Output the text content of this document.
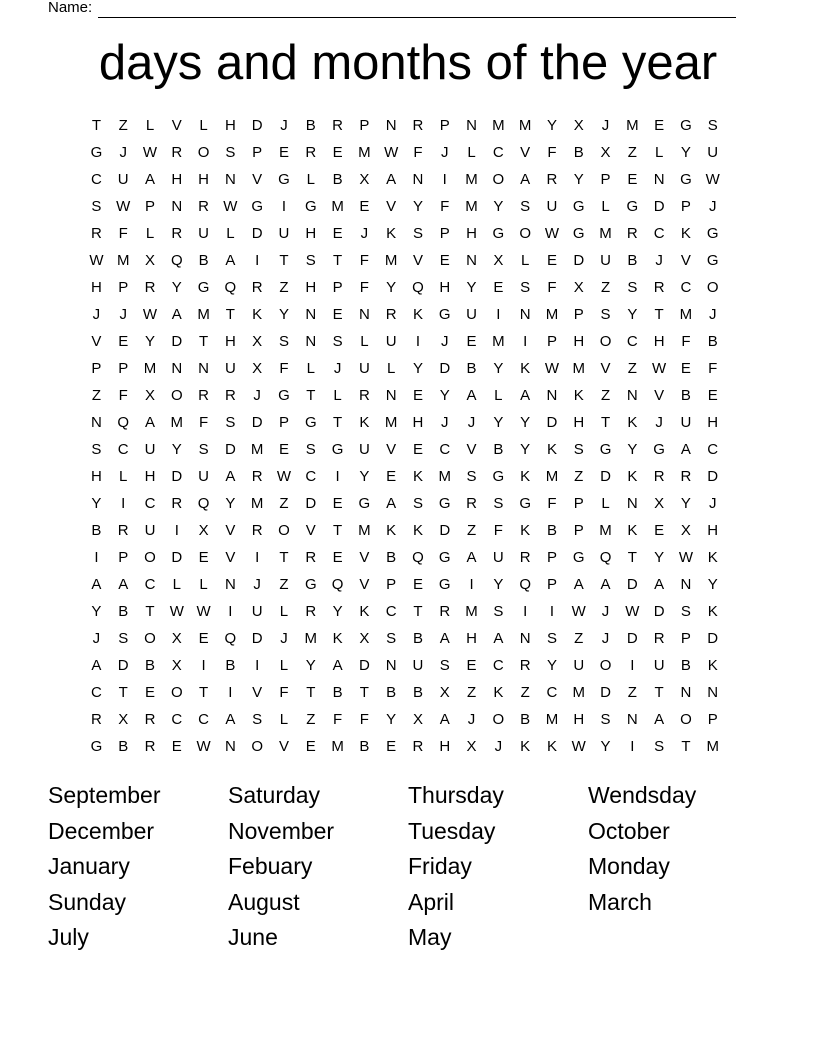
Name:
days and months of the year
T	Z	L	V	L	H	D	J	B	R	P	N	R	P	N	M M	Y	X	J	M	E	G	S
G	J	W R	O	S	P	E	R	E	M W	F	J	L	C	V	F	B	X	Z	L	Y	U
C	U	A	H	H	N	V	G	L	B	X	A	N	I	M O	A	R	Y	P	E	N	G W
S W P	N	R W G	I	G M	E	V	Y	F	M	Y	S	U	G	L	G	D	P	J
R	F	L	R	U	L	D	U	H	E	J	K	S	P	H	G	O W G M	R	C	K	G
W M	X	Q	B	A	I	T	S	T	F	M	V	E	N	X	L	E	D	U	B	J	V	G
H	P	R	Y	G	Q	R	Z	H	P	F	Y	Q	H	Y	E	S	F	X	Z	S	R	C	O
J	J	W A	M	T	K	Y	N	E	N	R	K	G	U	I	N	M	P	S	Y	T	M	J
V	E	Y	D	T	H	X	S	N	S	L	U	I	J	E	M	I	P	H	O	C	H	F	B
P	P	M	N	N	U	X	F	L	J	U	L	Y	D	B	Y	K W M	V	Z	W E	F
Z	F	X	O	R	R	J	G	T	L	R	N	E	Y	A	L	A	N	K	Z	N	V	B	E
N	Q	A	M	F	S	D	P	G	T	K	M	H	J	J	Y	Y	D	H	T	K	J	U	H
S	C	U	Y	S	D	M	E	S	G	U	V	E	C	V	B	Y	K	S	G	Y	G	A	C
H	L	H	D	U	A	R W C	I	Y	E	K	M	S	G	K	M	Z	D	K	R	R	D
Y	I	C	R	Q	Y	M	Z	D	E	G	A	S	G	R	S	G	F	P	L	N	X	Y	J
B	R	U	I	X	V	R	O	V	T	M	K	K	D	Z	F	K	B	P	M	K	E	X	H
I	P	O	D	E	V	I	T	R	E	V	B	Q	G	A	U	R	P	G	Q	T	Y W K
A	A	C	L	L	N	J	Z	G	Q	V	P	E	G	I	Y	Q	P	A	A	D	A	N	Y
Y	B	T	W W	I	U	L	R	Y	K	C	T	R	M	S	I	I	W	J	W D	S	K
J	S	O	X	E	Q	D	J	M	K	X	S	B	A	H	A	N	S	Z	J	D	R	P	D
A	D	B	X	I	B	I	L	Y	A	D	N	U	S	E	C	R	Y	U	O	I	U	B	K
C	T	E	O	T	I	V	F	T	B	T	B	B	X	Z	K	Z	C	M	D	Z	T	N	N
R	X	R	C	C	A	S	L	Z	F	F	Y	X	A	J	O	B	M	H	S	N	A	O	P
G	B	R	E W N	O	V	E	M	B	E	R	H	X	J	K	K W Y	I	S	T	M
September	Saturday	Thursday	Wendsday
December	November	Tuesday	October
January	Febuary	Friday	Monday
Sunday	August	April	March
July	June	May
